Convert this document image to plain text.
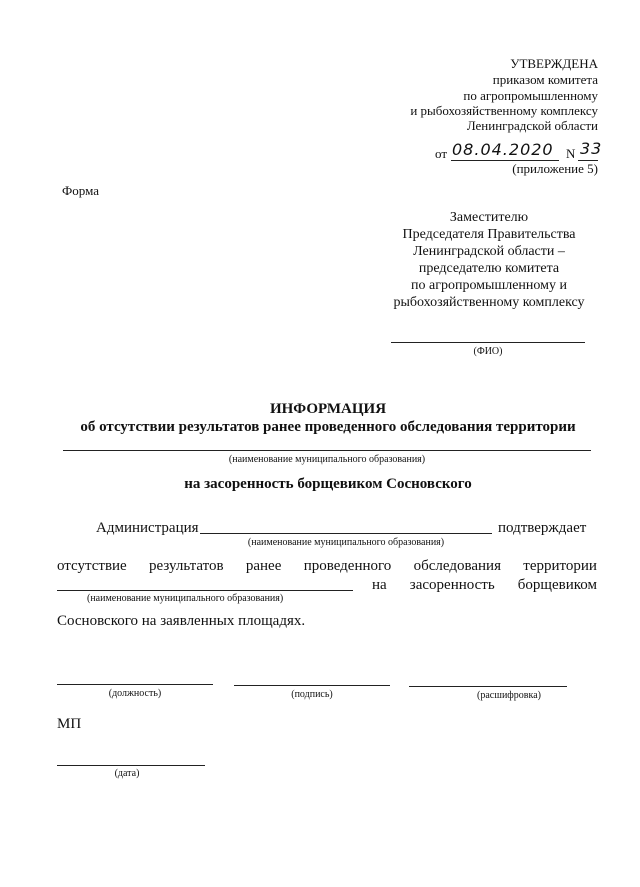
УТВЕРЖДЕНА
приказом комитета
по агропромышленному
и рыбохозяйственному комплексу
Ленинградской области
от 08.04.2020 N 33
(приложение 5)
Форма
Заместителю
Председателя Правительства
Ленинградской области –
председателю комитета
по агропромышленному и
рыбохозяйственному комплексу
(ФИО)
ИНФОРМАЦИЯ
об отсутствии результатов ранее проведенного обследования территории
(наименование муниципального образования)
на засоренность борщевиком Сосновского
Администрация	подтверждает
(наименование муниципального образования)
отсутствие результатов ранее проведенного обследования территории
на засоренность борщевиком
(наименование муниципального образования)
Сосновского на заявленных площадях.
(должность)	(подпись)	(расшифровка)
МП
(дата)
